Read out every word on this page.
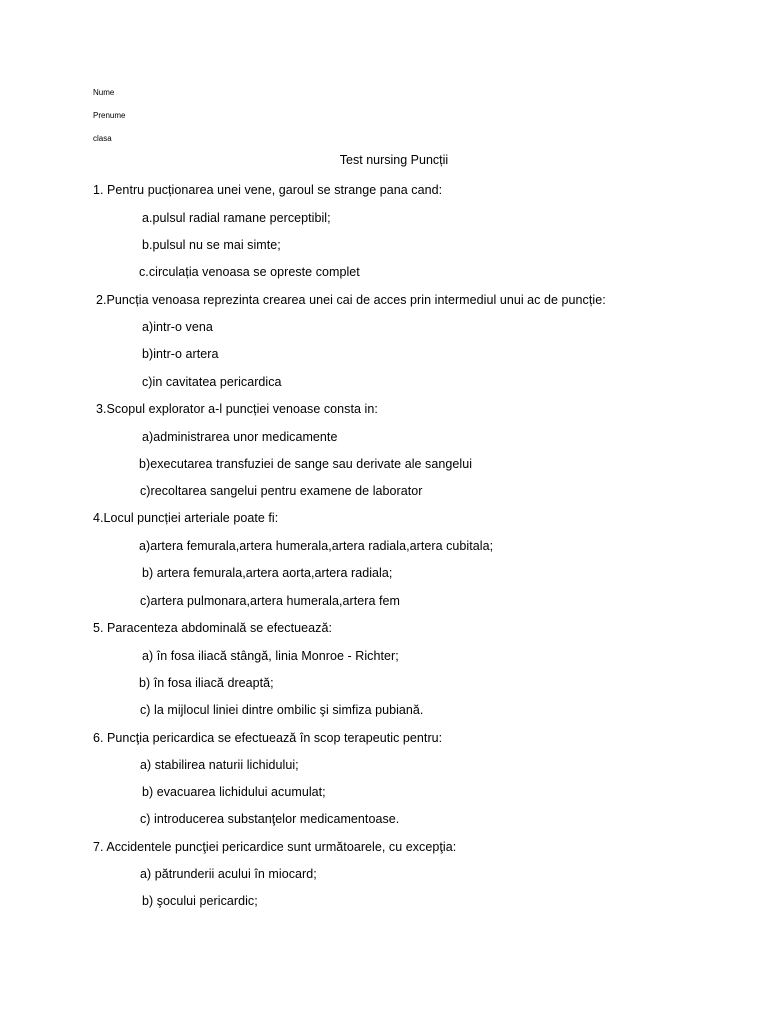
Nume
Prenume
clasa
Test nursing Puncții
1. Pentru pucționarea unei vene, garoul se strange pana cand:
a.pulsul radial ramane perceptibil;
b.pulsul nu se mai simte;
c.circulația venoasa se opreste complet
2.Puncția venoasa reprezinta crearea unei cai de acces prin intermediul unui ac de puncție:
a)intr-o vena
b)intr-o artera
c)in cavitatea pericardica
3.Scopul explorator a-l puncției venoase consta in:
a)administrarea unor medicamente
b)executarea transfuziei de sange sau derivate ale sangelui
c)recoltarea sangelui pentru examene de laborator
4.Locul puncției arteriale poate fi:
a)artera femurala,artera humerala,artera radiala,artera cubitala;
b) artera femurala,artera aorta,artera radiala;
c)artera pulmonara,artera humerala,artera fem
5. Paracenteza abdominală se efectuează:
a) în fosa iliacă stângă, linia Monroe - Richter;
b) în fosa iliacă dreaptă;
c) la mijlocul liniei dintre ombilic şi simfiza pubiană.
6. Puncţia pericardica se efectuează în scop terapeutic pentru:
a) stabilirea naturii lichidului;
b) evacuarea lichidului acumulat;
c) introducerea substanţelor medicamentoase.
7. Accidentele puncţiei pericardice sunt următoarele, cu excepţia:
a) pătrunderii acului în miocard;
b) şocului pericardic;
